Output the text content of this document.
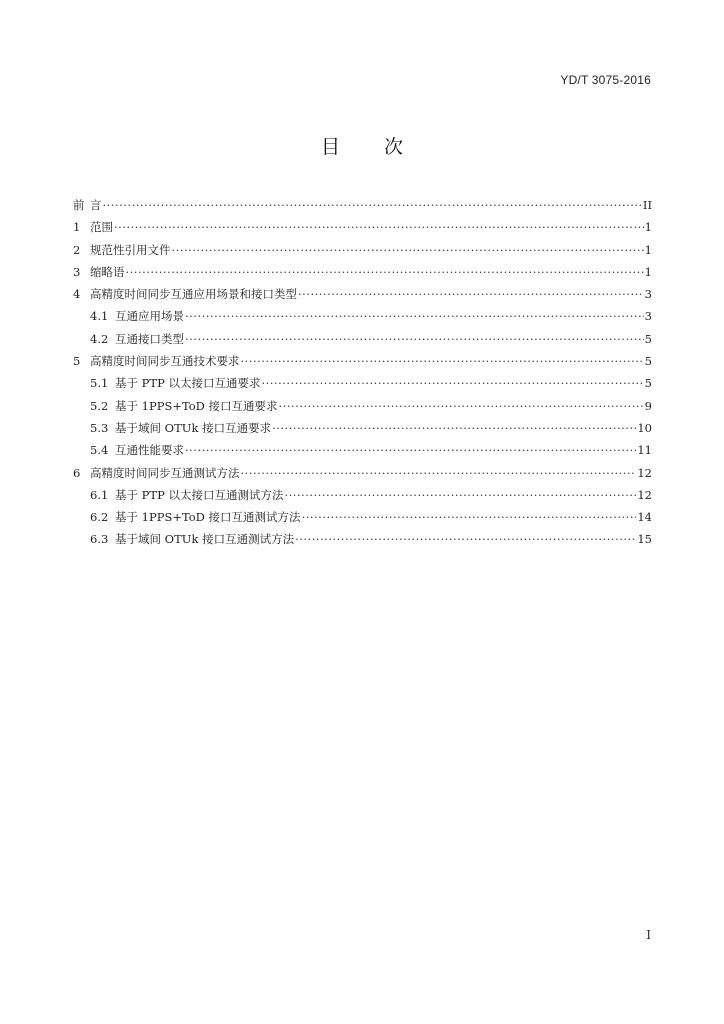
YD/T 3075-2016
目 次
前 言 ·····	II
1 范围 ·····	1
2 规范性引用文件 ·····	1
3 缩略语 ·····	1
4 高精度时间同步互通应用场景和接口类型 ·····	3
4.1 互通应用场景 ·····	3
4.2 互通接口类型 ·····	5
5 高精度时间同步互通技术要求 ·····	5
5.1 基于 PTP 以太接口互通要求 ·····	5
5.2 基于 1PPS+ToD 接口互通要求 ·····	9
5.3 基于域间 OTUk 接口互通要求 ·····	10
5.4 互通性能要求 ·····	11
6 高精度时间同步互通测试方法 ·····	12
6.1 基于 PTP 以太接口互通测试方法 ·····	12
6.2 基于 1PPS+ToD 接口互通测试方法 ·····	14
6.3 基于域间 OTUk 接口互通测试方法 ·····	15
I
